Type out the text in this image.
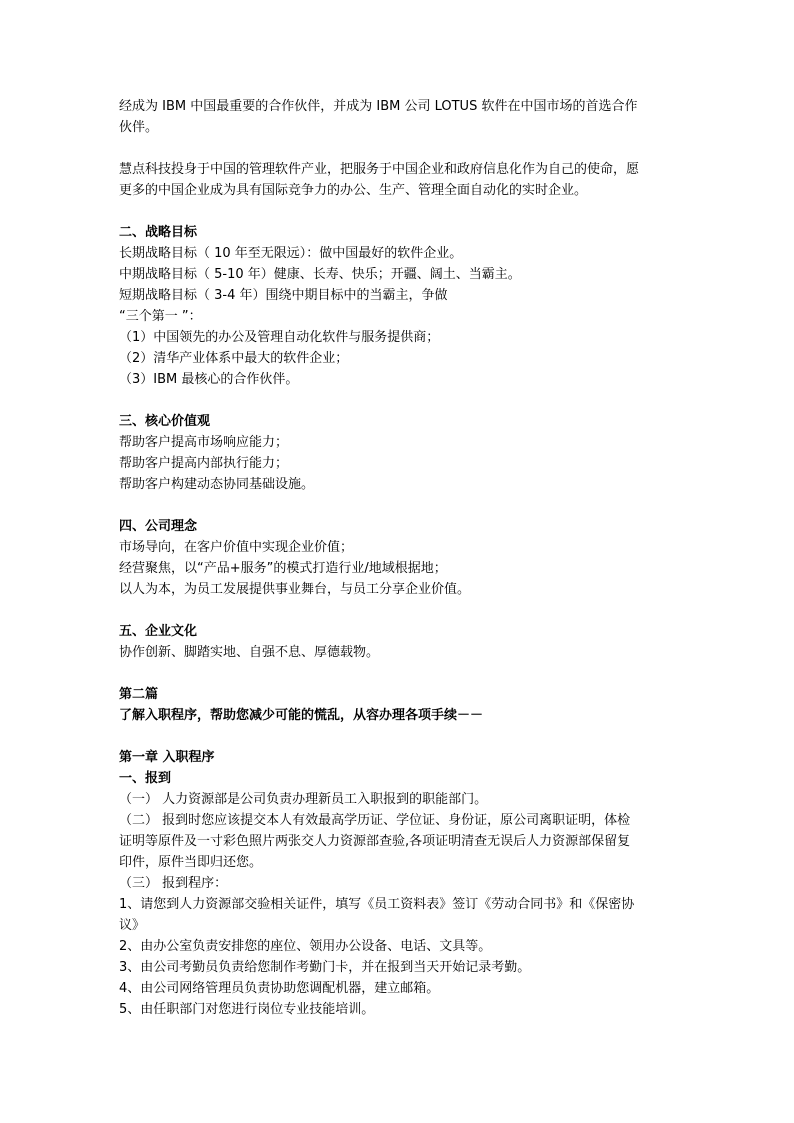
经成为 IBM 中国最重要的合作伙伴，并成为 IBM 公司 LOTUS 软件在中国市场的首选合作
伙伴。
慧点科技投身于中国的管理软件产业，把服务于中国企业和政府信息化作为自己的使命，愿
更多的中国企业成为具有国际竞争力的办公、生产、管理全面自动化的实时企业。
二、战略目标
长期战略目标（ 10 年至无限远）：做中国最好的软件企业。
中期战略目标（ 5-10 年）健康、长寿、快乐；开疆、阔土、当霸主。
短期战略目标（ 3-4 年）围绕中期目标中的当霸主，争做
“三个第一 ”：
（1）中国领先的办公及管理自动化软件与服务提供商；
（2）清华产业体系中最大的软件企业；
（3）IBM 最核心的合作伙伴。
三、核心价值观
帮助客户提高市场响应能力；
帮助客户提高内部执行能力；
帮助客户构建动态协同基础设施。
四、公司理念
市场导向，在客户价值中实现企业价值；
经营聚焦，以“产品+服务”的模式打造行业/地域根据地；
以人为本，为员工发展提供事业舞台，与员工分享企业价值。
五、企业文化
协作创新、脚踏实地、自强不息、厚德载物。
第二篇
了解入职程序，帮助您减少可能的慌乱，从容办理各项手续－－
第一章 入职程序
一、报到
（一） 人力资源部是公司负责办理新员工入职报到的职能部门。
（二） 报到时您应该提交本人有效最高学历证、学位证、身份证，原公司离职证明，体检
证明等原件及一寸彩色照片两张交人力资源部查验,各项证明清查无误后人力资源部保留复
印件，原件当即归还您。
（三） 报到程序：
1、请您到人力资源部交验相关证件，填写《员工资料表》签订《劳动合同书》和《保密协
议》
2、由办公室负责安排您的座位、领用办公设备、电话、文具等。
3、由公司考勤员负责给您制作考勤门卡，并在报到当天开始记录考勤。
4、由公司网络管理员负责协助您调配机器，建立邮箱。
5、由任职部门对您进行岗位专业技能培训。
